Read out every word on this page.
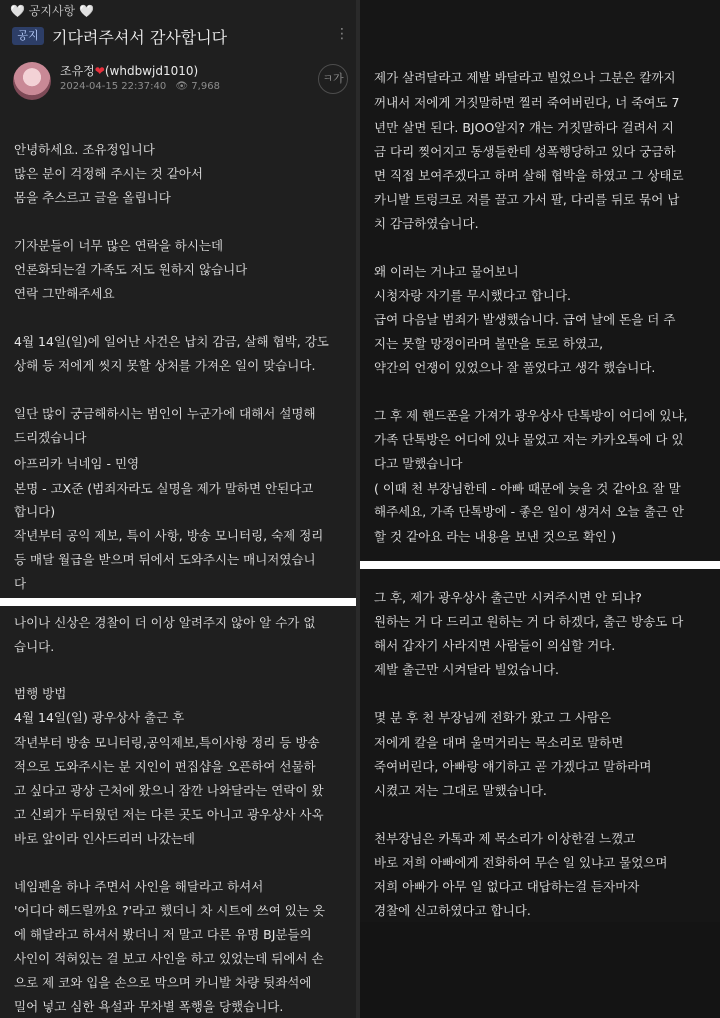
🤍 공지사항 🤍
공지 기다려주셔서 감사합니다	⋮
조유정❤(whdbwjd1010)
2024-04-15 22:37:40 👁 7,968
ㅋ가
안녕하세요. 조유정입니다
많은 분이 걱정해 주시는 것 같아서
몸을 추스르고 글을 올립니다
기자분들이 너무 많은 연락을 하시는데
언론화되는걸 가족도 저도 원하지 않습니다
연락 그만해주세요
4월 14일(일)에 일어난 사건은 납치 감금, 살해 협박, 강도
상해 등 저에게 씻지 못할 상처를 가져온 일이 맞습니다.
일단 많이 궁금해하시는 범인이 누군가에 대해서 설명해
드리겠습니다
아프리카 닉네임 - 민영
본명 - 고X준 (범죄자라도 실명을 제가 말하면 안된다고
합니다)
작년부터 공익 제보, 특이 사항, 방송 모니터링, 숙제 정리
등 매달 월급을 받으며 뒤에서 도와주시는 매니저였습니
다
나이나 신상은 경찰이 더 이상 알려주지 않아 알 수가 없
습니다.
범행 방법
4월 14일(일) 광우상사 출근 후
작년부터 방송 모니터링,공익제보,특이사항 정리 등 방송
적으로 도와주시는 분 지인이 편집샵을 오픈하여 선물하
고 싶다고 광상 근처에 왔으니 잠깐 나와달라는 연락이 왔
고 신뢰가 두터웠던 저는 다른 곳도 아니고 광우상사 사옥
바로 앞이라 인사드리러 나갔는데
네임펜을 하나 주면서 사인을 해달라고 하셔서
'어디다 해드릴까요 ?'라고 했더니 차 시트에 쓰여 있는 옷
에 해달라고 하셔서 봤더니 저 말고 다른 유명 BJ분들의
사인이 적혀있는 걸 보고 사인을 하고 있었는데 뒤에서 손
으로 제 코와 입을 손으로 막으며 카니발 차량 뒷좌석에
밀어 넣고 심한 욕설과 무차별 폭행을 당했습니다.
제가 살려달라고 제발 봐달라고 빌었으나 그분은 칼까지
꺼내서 저에게 거짓말하면 찔러 죽여버린다, 너 죽여도 7
년만 살면 된다. BJOO알지? 걔는 거짓말하다 걸려서 지
금 다리 찢어지고 동생들한테 성폭행당하고 있다 궁금하
면 직접 보여주겠다고 하며 살해 협박을 하였고 그 상태로
카니발 트렁크로 저를 끌고 가서 팔, 다리를 뒤로 묶어 납
치 감금하였습니다.
왜 이러는 거냐고 물어보니
시청자랑 자기를 무시했다고 합니다.
급여 다음날 범죄가 발생했습니다. 급여 날에 돈을 더 주
지는 못할 망정이라며 불만을 토로 하였고,
약간의 언쟁이 있었으나 잘 풀었다고 생각 했습니다.
그 후 제 핸드폰을 가져가 광우상사 단톡방이 어디에 있냐,
가족 단톡방은 어디에 있냐 물었고 저는 카카오톡에 다 있
다고 말했습니다
( 이때 천 부장님한테 - 아빠 때문에 늦을 것 같아요 잘 말
해주세요, 가족 단톡방에 - 좋은 일이 생겨서 오늘 출근 안
할 것 같아요 라는 내용을 보낸 것으로 확인 )
그 후, 제가 광우상사 출근만 시켜주시면 안 되냐?
원하는 거 다 드리고 원하는 거 다 하겠다, 출근 방송도 다
해서 갑자기 사라지면 사람들이 의심할 거다.
제발 출근만 시켜달라 빌었습니다.
몇 분 후 천 부장님께 전화가 왔고 그 사람은
저에게 칼을 대며 울먹거리는 목소리로 말하면
죽여버린다, 아빠랑 얘기하고 곧 가겠다고 말하라며
시켰고 저는 그대로 말했습니다.
천부장님은 카톡과 제 목소리가 이상한걸 느꼈고
바로 저희 아빠에게 전화하여 무슨 일 있냐고 물었으며
저희 아빠가 아무 일 없다고 대답하는걸 듣자마자
경찰에 신고하였다고 합니다.
